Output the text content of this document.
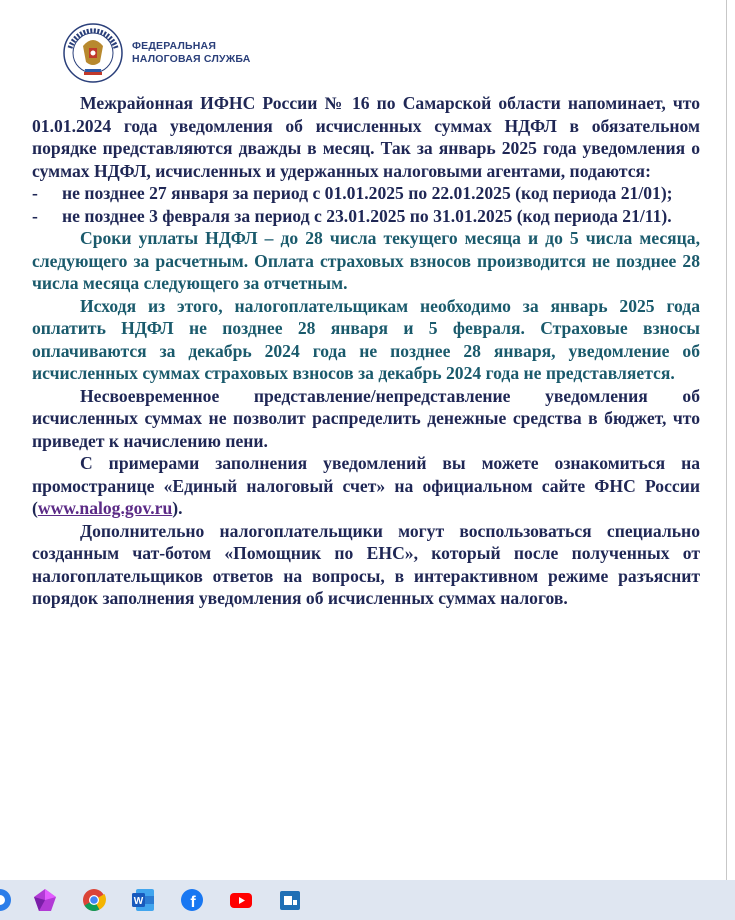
ФЕДЕРАЛЬНАЯ
НАЛОГОВАЯ СЛУЖБА

Межрайонная ИФНС России № 16 по Самарской области напоминает, что 01.01.2024 года уведомления об исчисленных суммах НДФЛ в обязательном порядке представляются дважды в месяц. Так за январь 2025 года уведомления о суммах НДФЛ, исчисленных и удержанных налоговыми агентами, подаются:

-	не позднее 27 января за период с 01.01.2025 по 22.01.2025 (код периода 21/01);
-	не позднее 3 февраля за период с 23.01.2025 по 31.01.2025 (код периода 21/11).

Сроки уплаты НДФЛ – до 28 числа текущего месяца и до 5 числа месяца, следующего за расчетным. Оплата страховых взносов производится не позднее 28 числа месяца следующего за отчетным.

Исходя из этого, налогоплательщикам необходимо за январь 2025 года оплатить НДФЛ не позднее 28 января и 5 февраля. Страховые взносы оплачиваются за декабрь 2024 года не позднее 28 января, уведомление об исчисленных суммах страховых взносов за декабрь 2024 года не представляется.

Несвоевременное представление/непредставление уведомления об исчисленных суммах не позволит распределить денежные средства в бюджет, что приведет к начислению пени.

С примерами заполнения уведомлений вы можете ознакомиться на промостранице «Единый налоговый счет» на официальном сайте ФНС России (www.nalog.gov.ru).

Дополнительно налогоплательщики могут воспользоваться специально созданным чат-ботом «Помощник по ЕНС», который после полученных от налогоплательщиков ответов на вопросы, в интерактивном режиме разъяснит порядок заполнения уведомления об исчисленных суммах налогов.

W	f
